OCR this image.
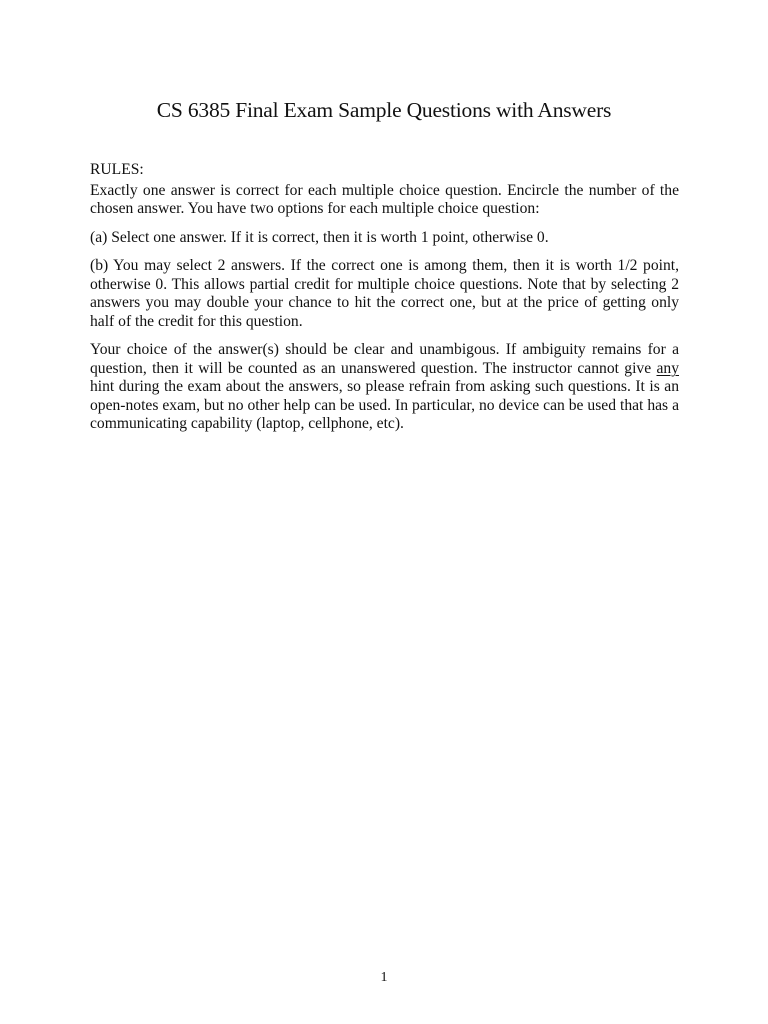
CS 6385 Final Exam Sample Questions with Answers

RULES:

Exactly one answer is correct for each multiple choice question. Encircle the number of the chosen answer. You have two options for each multiple choice question:

(a) Select one answer. If it is correct, then it is worth 1 point, otherwise 0.

(b) You may select 2 answers. If the correct one is among them, then it is worth 1/2 point, otherwise 0. This allows partial credit for multiple choice questions. Note that by selecting 2 answers you may double your chance to hit the correct one, but at the price of getting only half of the credit for this question.

Your choice of the answer(s) should be clear and unambigous. If ambiguity remains for a question, then it will be counted as an unanswered question. The instructor cannot give any hint during the exam about the answers, so please refrain from asking such questions. It is an open-notes exam, but no other help can be used. In particular, no device can be used that has a communicating capability (laptop, cellphone, etc).

1
